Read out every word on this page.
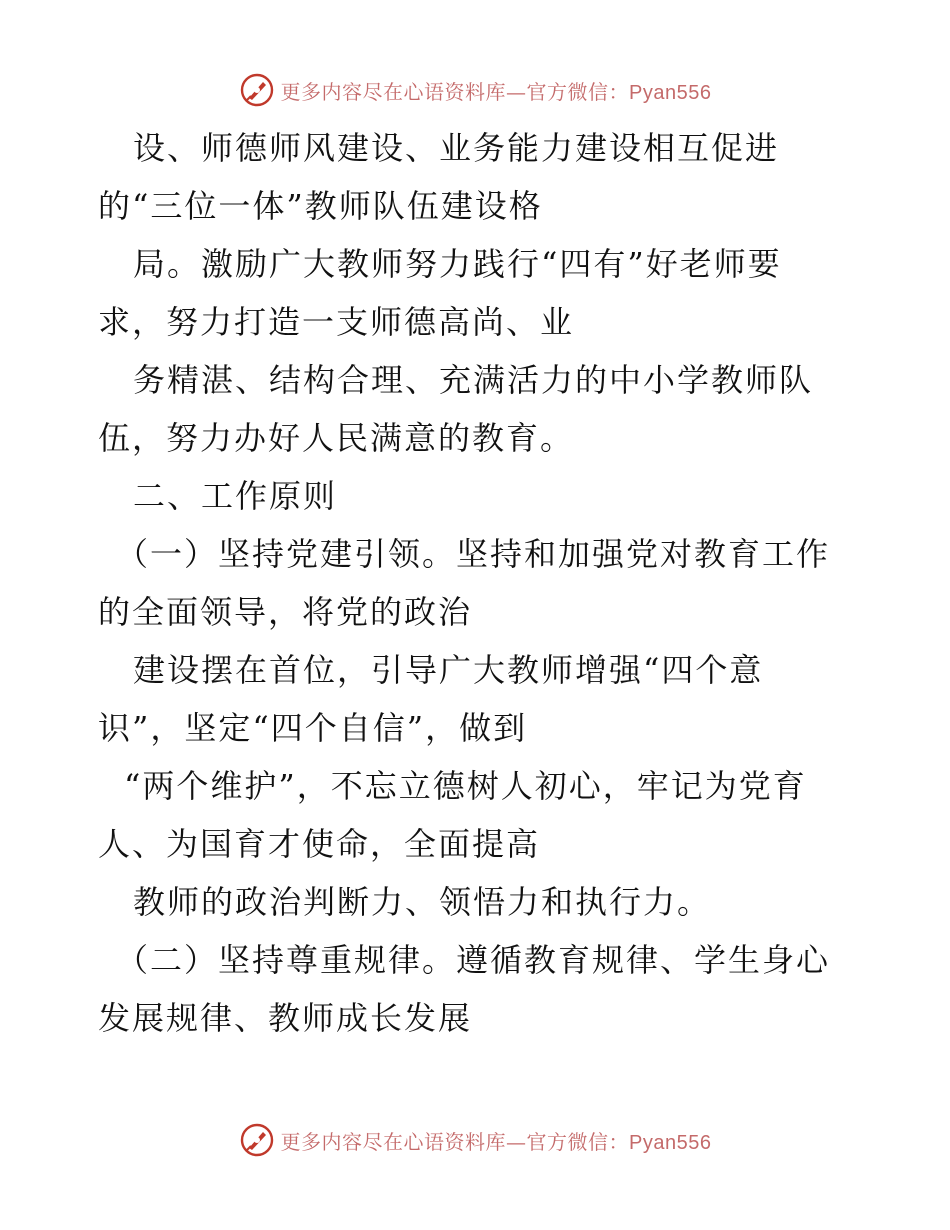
更多内容尽在心语资料库—官方微信：Pyan556
设、师德师风建设、业务能力建设相互促进
的“三位一体”教师队伍建设格
局。激励广大教师努力践行“四有”好老师要
求，努力打造一支师德高尚、业
务精湛、结构合理、充满活力的中小学教师队
伍，努力办好人民满意的教育。
二、工作原则
（一）坚持党建引领。坚持和加强党对教育工作
的全面领导，将党的政治
建设摆在首位，引导广大教师增强“四个意
识”，坚定“四个自信”，做到
“两个维护”，不忘立德树人初心，牢记为党育
人、为国育才使命，全面提高
教师的政治判断力、领悟力和执行力。
（二）坚持尊重规律。遵循教育规律、学生身心
发展规律、教师成长发展
更多内容尽在心语资料库—官方微信：Pyan556
